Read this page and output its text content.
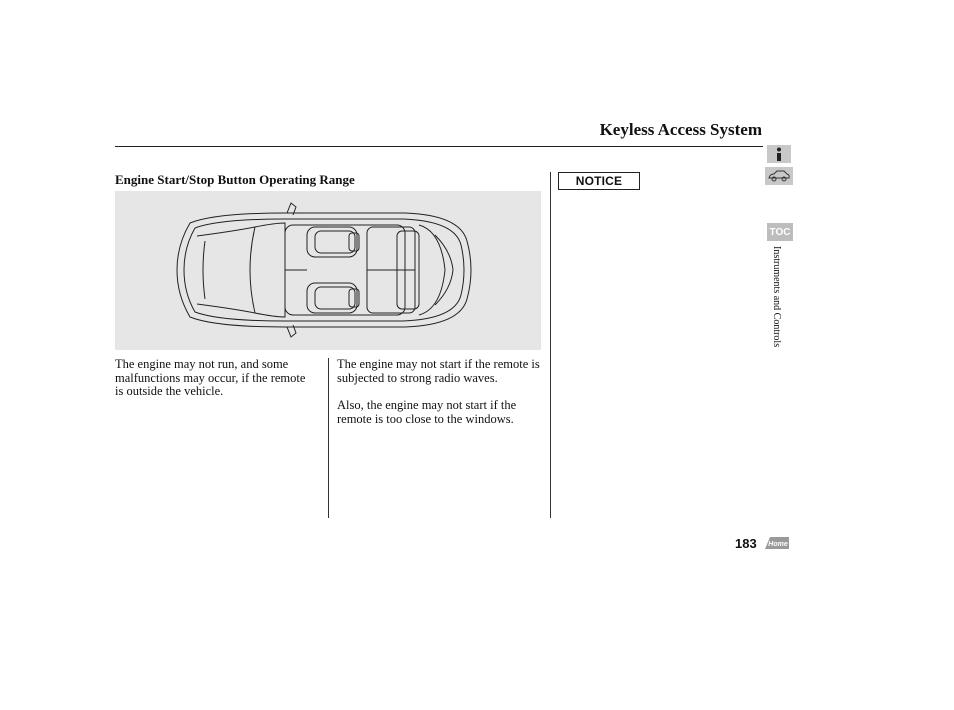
Keyless Access System
Engine Start/Stop Button Operating Range
The engine may not run, and some malfunctions may occur, if the remote is outside the vehicle.

The engine may not start if the remote is subjected to strong radio waves.

Also, the engine may not start if the remote is too close to the windows.

NOTICE
TOC
Instruments and Controls
183 Home
